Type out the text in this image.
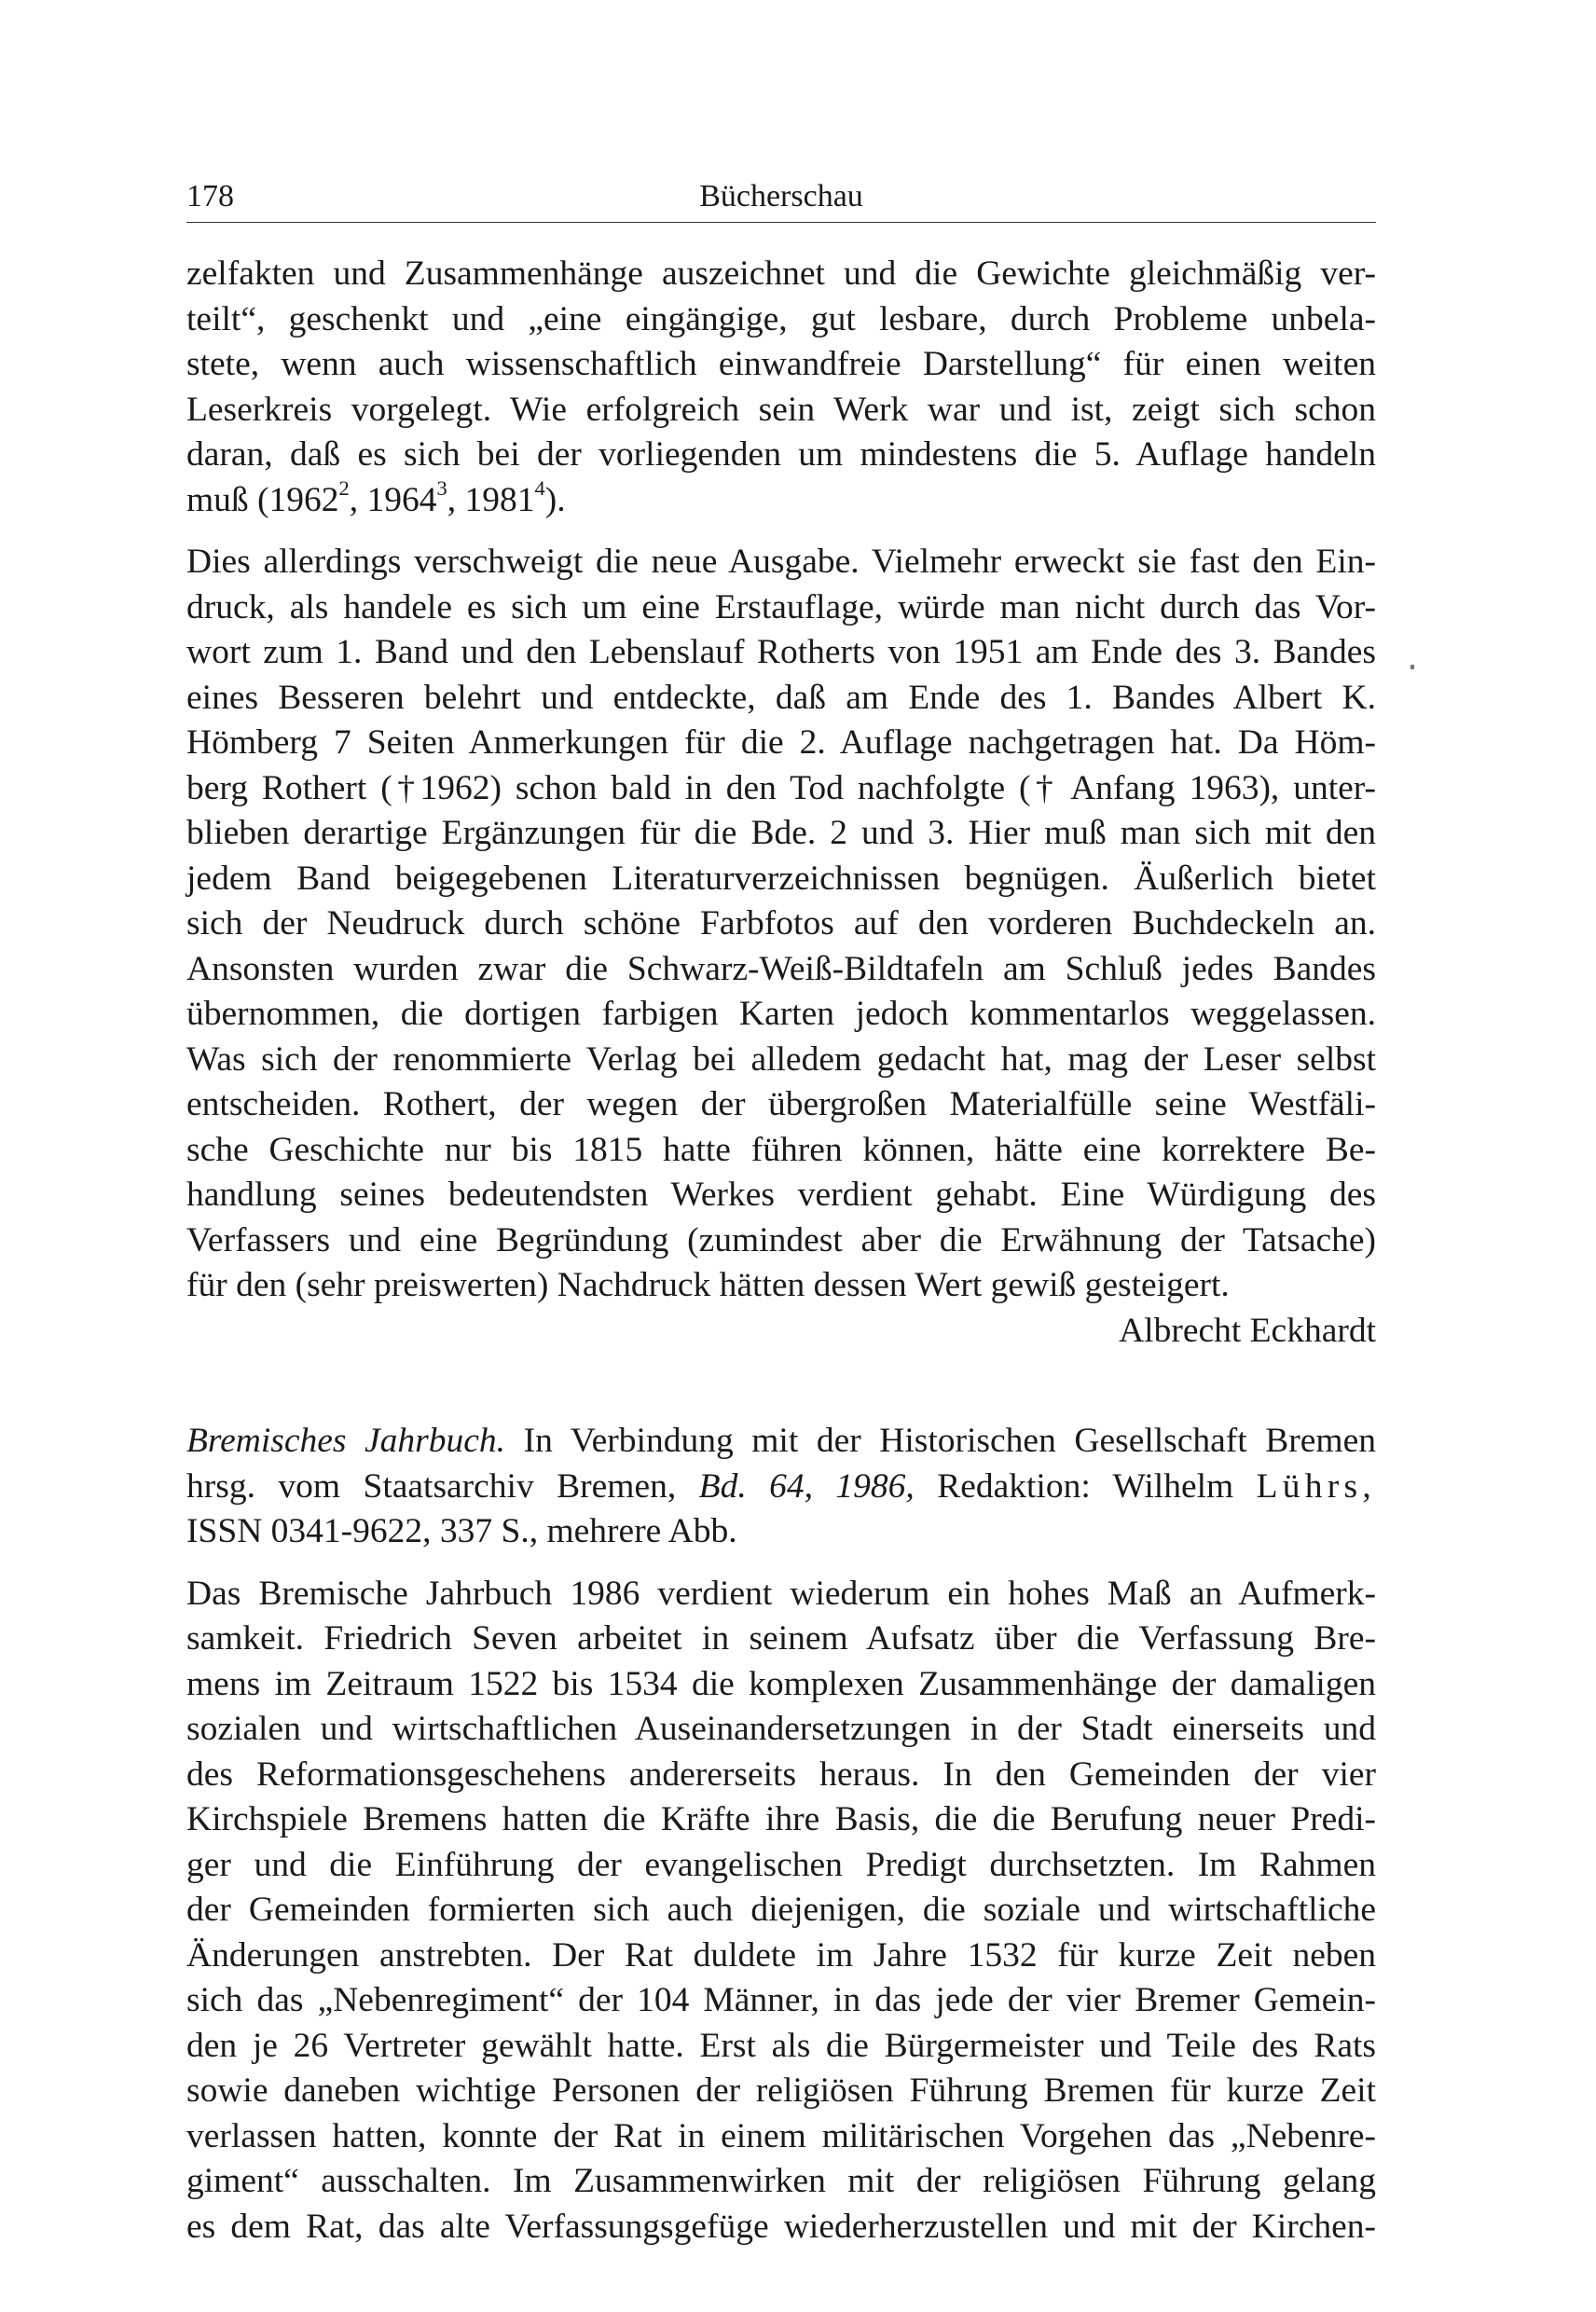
178	Bücherschau
zelfakten und Zusammenhänge auszeichnet und die Gewichte gleichmäßig ver-
teilt“, geschenkt und „eine eingängige, gut lesbare, durch Probleme unbela-
stete, wenn auch wissenschaftlich einwandfreie Darstellung“ für einen weiten
Leserkreis vorgelegt. Wie erfolgreich sein Werk war und ist, zeigt sich schon
daran, daß es sich bei der vorliegenden um mindestens die 5. Auflage handeln
muß (1962$^2$, 1964$^3$, 1981$^4$).
Dies allerdings verschweigt die neue Ausgabe. Vielmehr erweckt sie fast den Ein-
druck, als handele es sich um eine Erstauflage, würde man nicht durch das Vor-
wort zum 1. Band und den Lebenslauf Rotherts von 1951 am Ende des 3. Bandes
eines Besseren belehrt und entdeckte, daß am Ende des 1. Bandes Albert K.
Hömberg 7 Seiten Anmerkungen für die 2. Auflage nachgetragen hat. Da Höm-
berg Rothert (†1962) schon bald in den Tod nachfolgte († Anfang 1963), unter-
blieben derartige Ergänzungen für die Bde. 2 und 3. Hier muß man sich mit den
jedem Band beigegebenen Literaturverzeichnissen begnügen. Äußerlich bietet
sich der Neudruck durch schöne Farbfotos auf den vorderen Buchdeckeln an.
Ansonsten wurden zwar die Schwarz-Weiß-Bildtafeln am Schluß jedes Bandes
übernommen, die dortigen farbigen Karten jedoch kommentarlos weggelassen.
Was sich der renommierte Verlag bei alledem gedacht hat, mag der Leser selbst
entscheiden. Rothert, der wegen der übergroßen Materialfülle seine Westfäli-
sche Geschichte nur bis 1815 hatte führen können, hätte eine korrektere Be-
handlung seines bedeutendsten Werkes verdient gehabt. Eine Würdigung des
Verfassers und eine Begründung (zumindest aber die Erwähnung der Tatsache)
für den (sehr preiswerten) Nachdruck hätten dessen Wert gewiß gesteigert.
Albrecht Eckhardt
Bremisches Jahrbuch. In Verbindung mit der Historischen Gesellschaft Bremen
hrsg. vom Staatsarchiv Bremen, Bd. 64, 1986, Redaktion: Wilhelm Lührs,
ISSN 0341-9622, 337 S., mehrere Abb.
Das Bremische Jahrbuch 1986 verdient wiederum ein hohes Maß an Aufmerk-
samkeit. Friedrich Seven arbeitet in seinem Aufsatz über die Verfassung Bre-
mens im Zeitraum 1522 bis 1534 die komplexen Zusammenhänge der damaligen
sozialen und wirtschaftlichen Auseinandersetzungen in der Stadt einerseits und
des Reformationsgeschehens andererseits heraus. In den Gemeinden der vier
Kirchspiele Bremens hatten die Kräfte ihre Basis, die die Berufung neuer Predi-
ger und die Einführung der evangelischen Predigt durchsetzten. Im Rahmen
der Gemeinden formierten sich auch diejenigen, die soziale und wirtschaftliche
Änderungen anstrebten. Der Rat duldete im Jahre 1532 für kurze Zeit neben
sich das „Nebenregiment“ der 104 Männer, in das jede der vier Bremer Gemein-
den je 26 Vertreter gewählt hatte. Erst als die Bürgermeister und Teile des Rats
sowie daneben wichtige Personen der religiösen Führung Bremen für kurze Zeit
verlassen hatten, konnte der Rat in einem militärischen Vorgehen das „Nebenre-
giment“ ausschalten. Im Zusammenwirken mit der religiösen Führung gelang
es dem Rat, das alte Verfassungsgefüge wiederherzustellen und mit der Kirchen-
